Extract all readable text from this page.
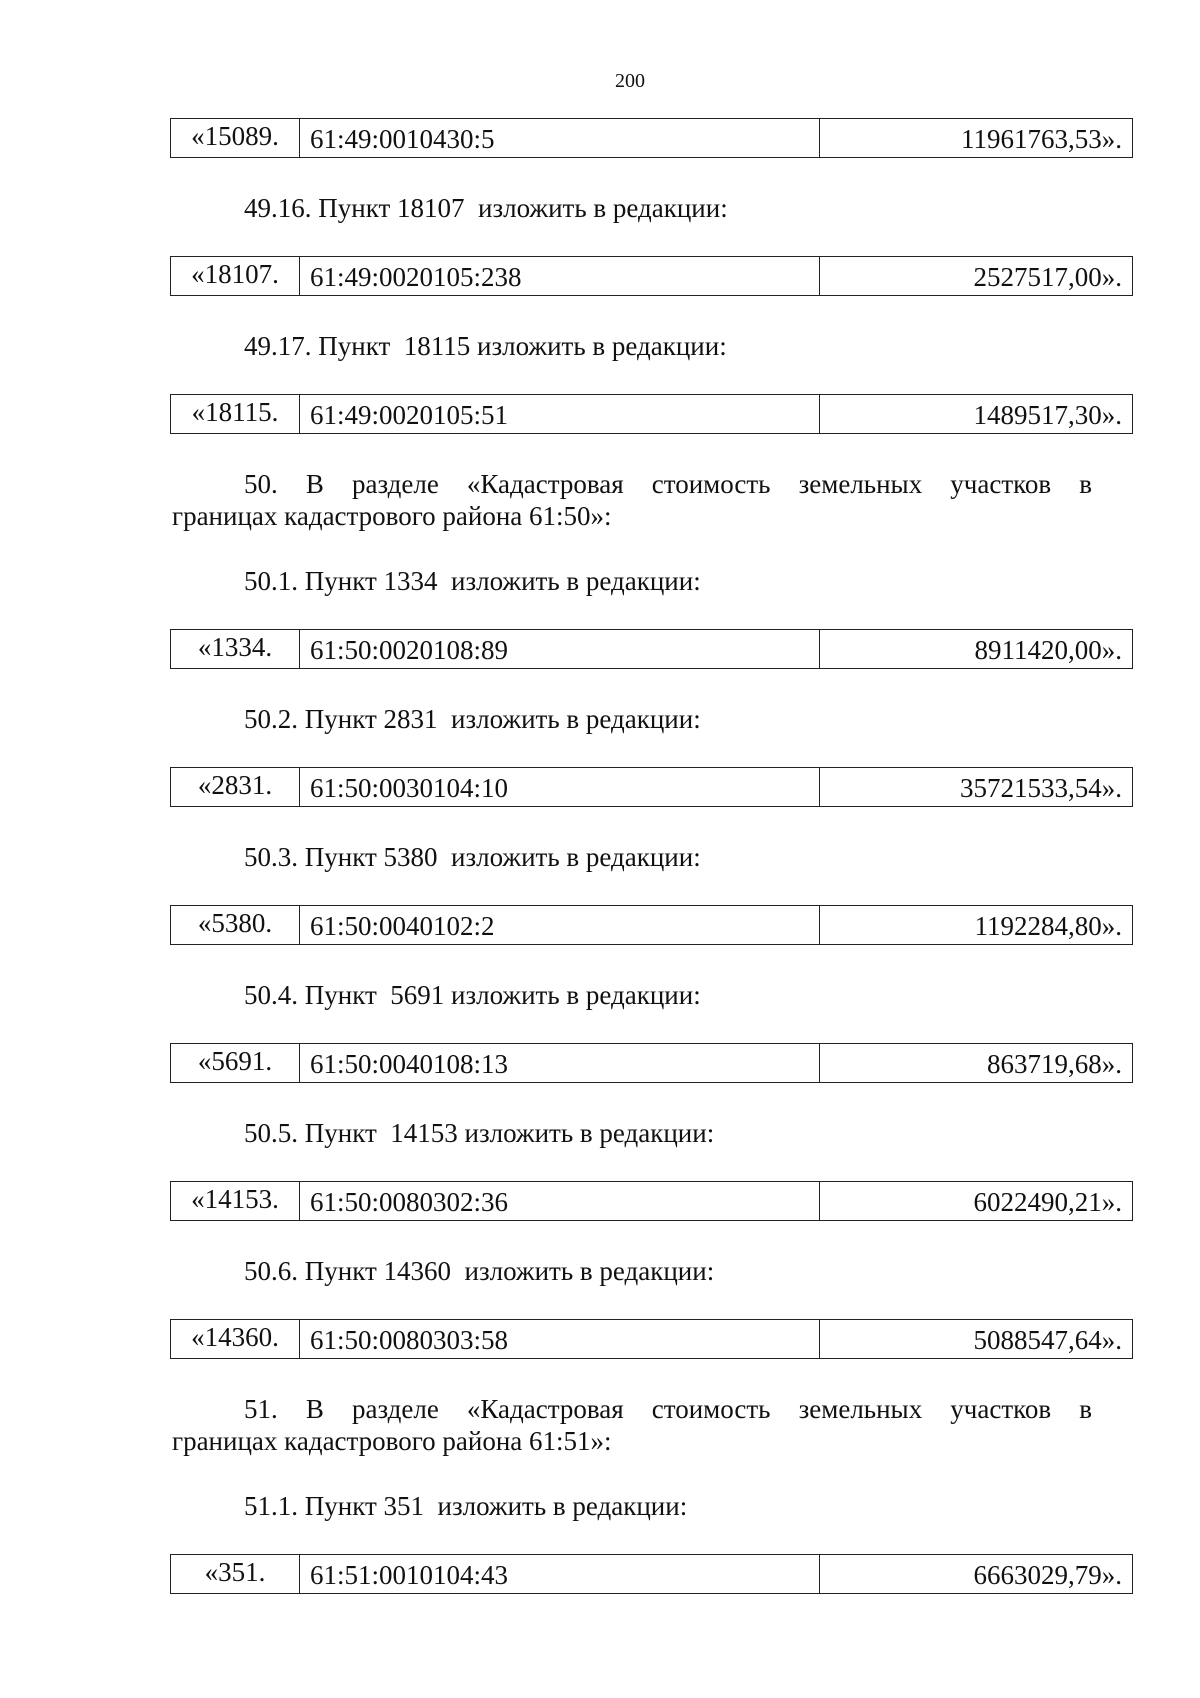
200
«15089.	61:49:0010430:5	11961763,53».
49.16. Пункт 18107  изложить в редакции:
«18107.	61:49:0020105:238	2527517,00».
49.17. Пункт  18115 изложить в редакции:
«18115.	61:49:0020105:51	1489517,30».
50. В разделе «Кадастровая стоимость земельных участков в
границах кадастрового района 61:50»:
50.1. Пункт 1334  изложить в редакции:
«1334.	61:50:0020108:89	8911420,00».
50.2. Пункт 2831  изложить в редакции:
«2831.	61:50:0030104:10	35721533,54».
50.3. Пункт 5380  изложить в редакции:
«5380.	61:50:0040102:2	1192284,80».
50.4. Пункт  5691 изложить в редакции:
«5691.	61:50:0040108:13	863719,68».
50.5. Пункт  14153 изложить в редакции:
«14153.	61:50:0080302:36	6022490,21».
50.6. Пункт 14360  изложить в редакции:
«14360.	61:50:0080303:58	5088547,64».
51. В разделе «Кадастровая стоимость земельных участков в
границах кадастрового района 61:51»:
51.1. Пункт 351  изложить в редакции:
«351.	61:51:0010104:43	6663029,79».
